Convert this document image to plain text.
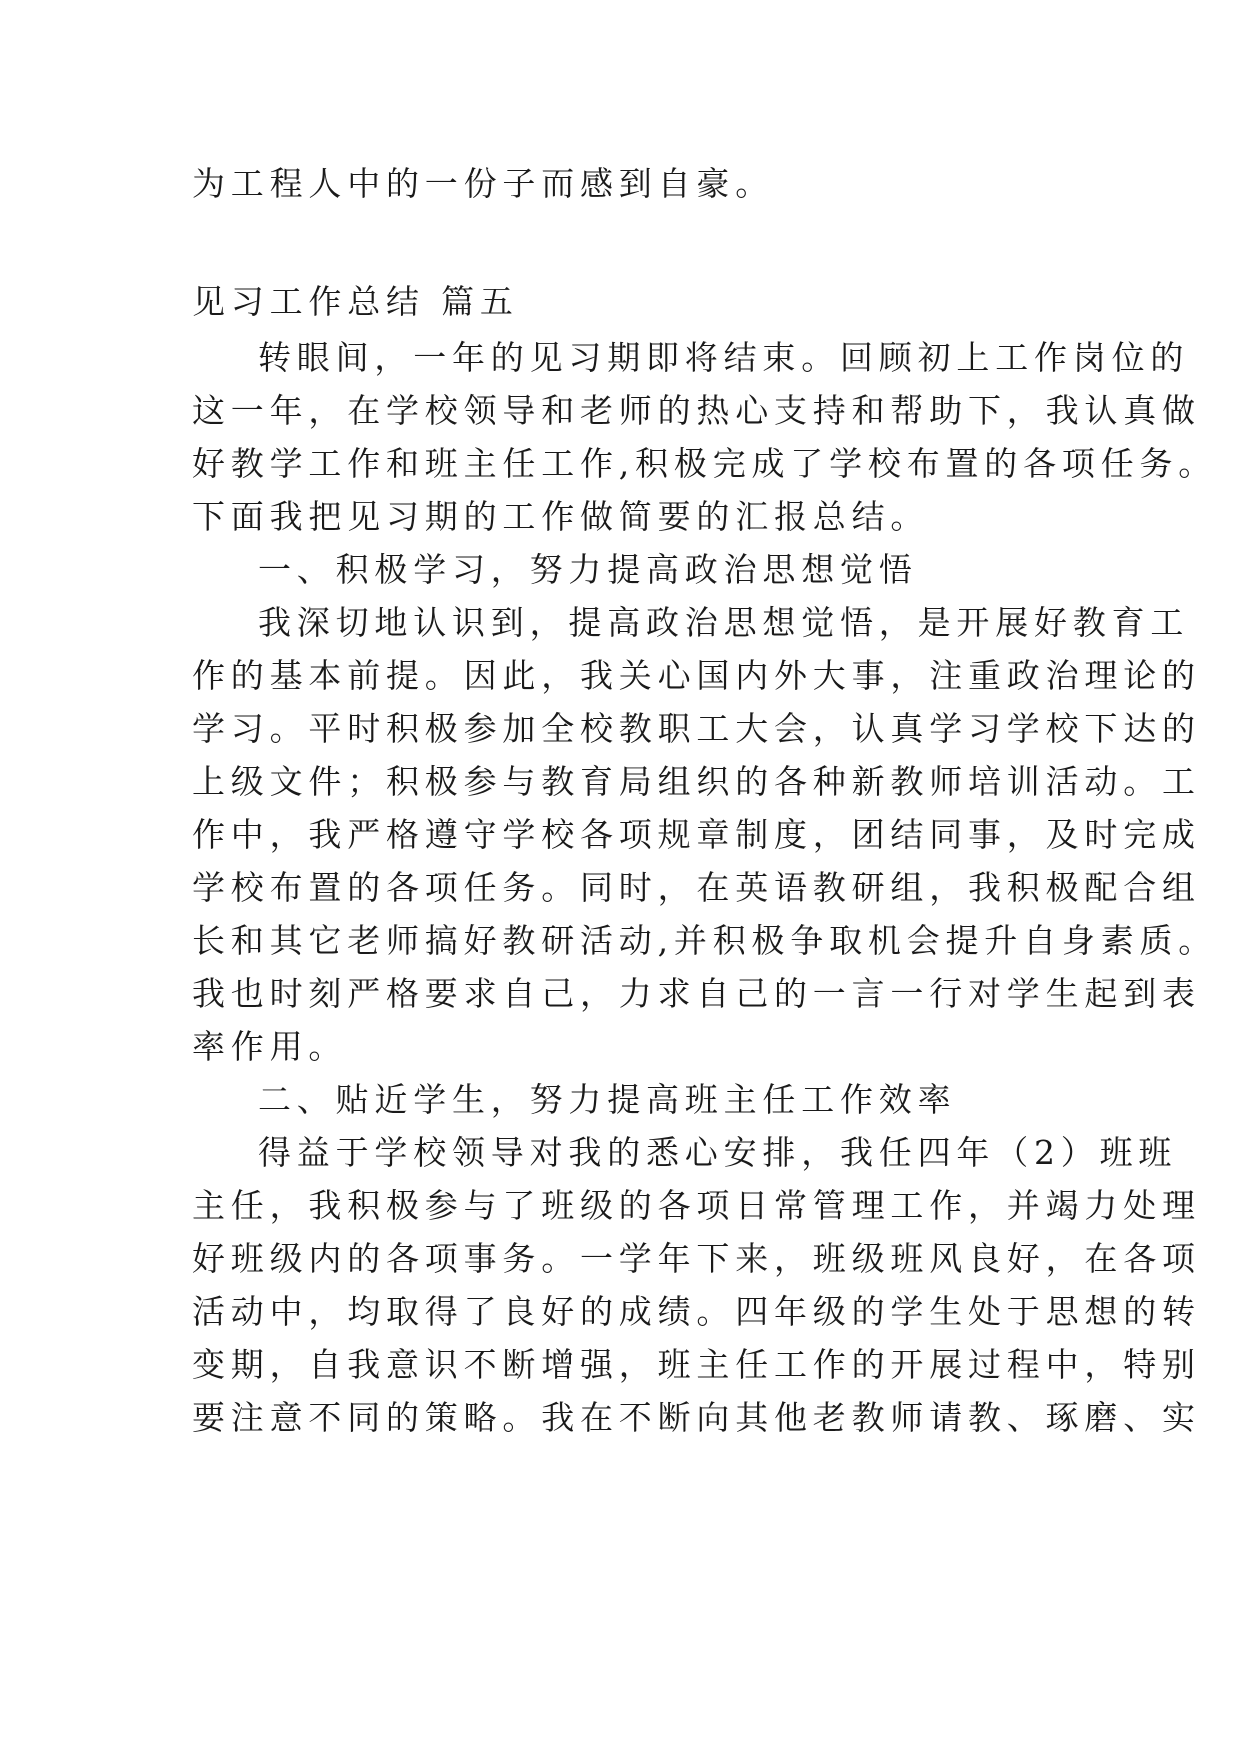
为工程人中的一份子而感到自豪。
见习工作总结 篇五
转眼间，一年的见习期即将结束。回顾初上工作岗位的
这一年，在学校领导和老师的热心支持和帮助下，我认真做
好教学工作和班主任工作,积极完成了学校布置的各项任务。
下面我把见习期的工作做简要的汇报总结。
一、积极学习，努力提高政治思想觉悟
我深切地认识到，提高政治思想觉悟，是开展好教育工
作的基本前提。因此，我关心国内外大事，注重政治理论的
学习。平时积极参加全校教职工大会，认真学习学校下达的
上级文件；积极参与教育局组织的各种新教师培训活动。工
作中，我严格遵守学校各项规章制度，团结同事，及时完成
学校布置的各项任务。同时，在英语教研组，我积极配合组
长和其它老师搞好教研活动,并积极争取机会提升自身素质。
我也时刻严格要求自己，力求自己的一言一行对学生起到表
率作用。
二、贴近学生，努力提高班主任工作效率
得益于学校领导对我的悉心安排，我任四年（2）班班
主任，我积极参与了班级的各项日常管理工作，并竭力处理
好班级内的各项事务。一学年下来，班级班风良好，在各项
活动中，均取得了良好的成绩。四年级的学生处于思想的转
变期，自我意识不断增强，班主任工作的开展过程中，特别
要注意不同的策略。我在不断向其他老教师请教、琢磨、实
